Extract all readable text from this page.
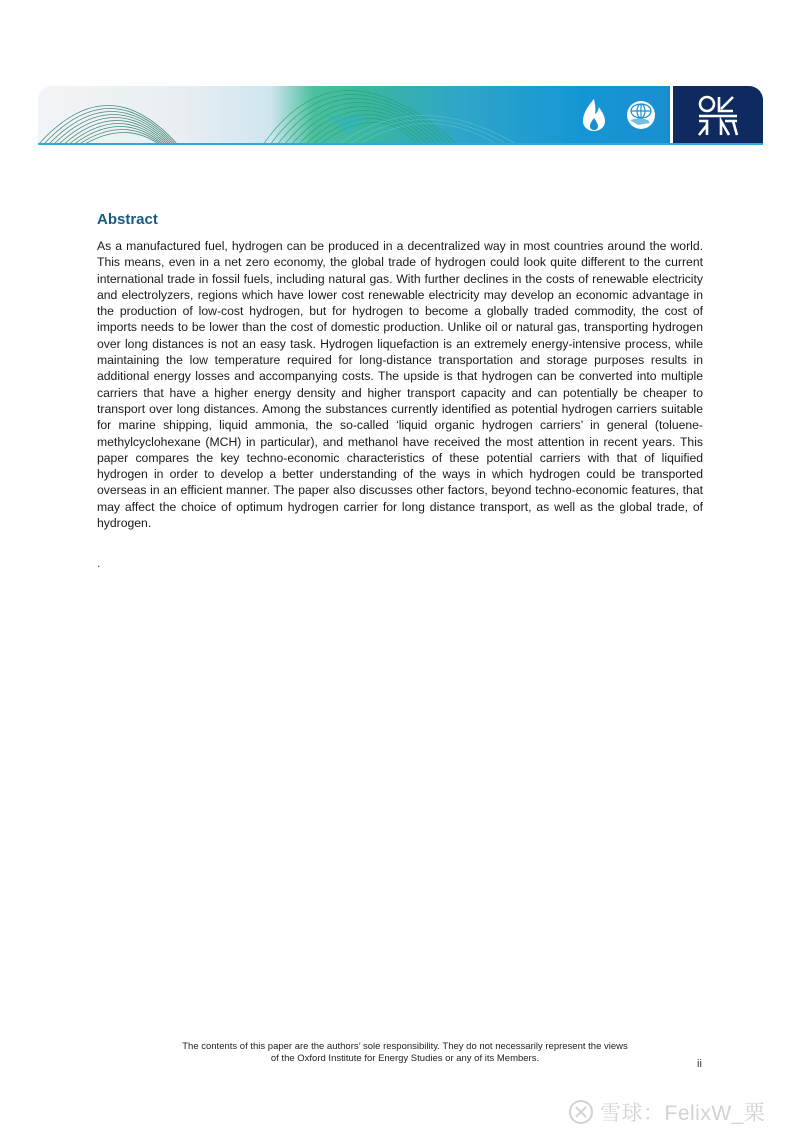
Abstract
As a manufactured fuel, hydrogen can be produced in a decentralized way in most countries around the world. This means, even in a net zero economy, the global trade of hydrogen could look quite different to the current international trade in fossil fuels, including natural gas. With further declines in the costs of renewable electricity and electrolyzers, regions which have lower cost renewable electricity may develop an economic advantage in the production of low-cost hydrogen, but for hydrogen to become a globally traded commodity, the cost of imports needs to be lower than the cost of domestic production. Unlike oil or natural gas, transporting hydrogen over long distances is not an easy task. Hydrogen liquefaction is an extremely energy-intensive process, while maintaining the low temperature required for long-distance transportation and storage purposes results in additional energy losses and accompanying costs. The upside is that hydrogen can be converted into multiple carriers that have a higher energy density and higher transport capacity and can potentially be cheaper to transport over long distances. Among the substances currently identified as potential hydrogen carriers suitable for marine shipping, liquid ammonia, the so-called ‘liquid organic hydrogen carriers’ in general (toluene-methylcyclohexane (MCH) in particular), and methanol have received the most attention in recent years. This paper compares the key techno-economic characteristics of these potential carriers with that of liquified hydrogen in order to develop a better understanding of the ways in which hydrogen could be transported overseas in an efficient manner. The paper also discusses other factors, beyond techno-economic features, that may affect the choice of optimum hydrogen carrier for long distance transport, as well as the global trade, of hydrogen.
.
The contents of this paper are the authors’ sole responsibility. They do not necessarily represent the views
of the Oxford Institute for Energy Studies or any of its Members.	ii
雪球：FelixW_栗
